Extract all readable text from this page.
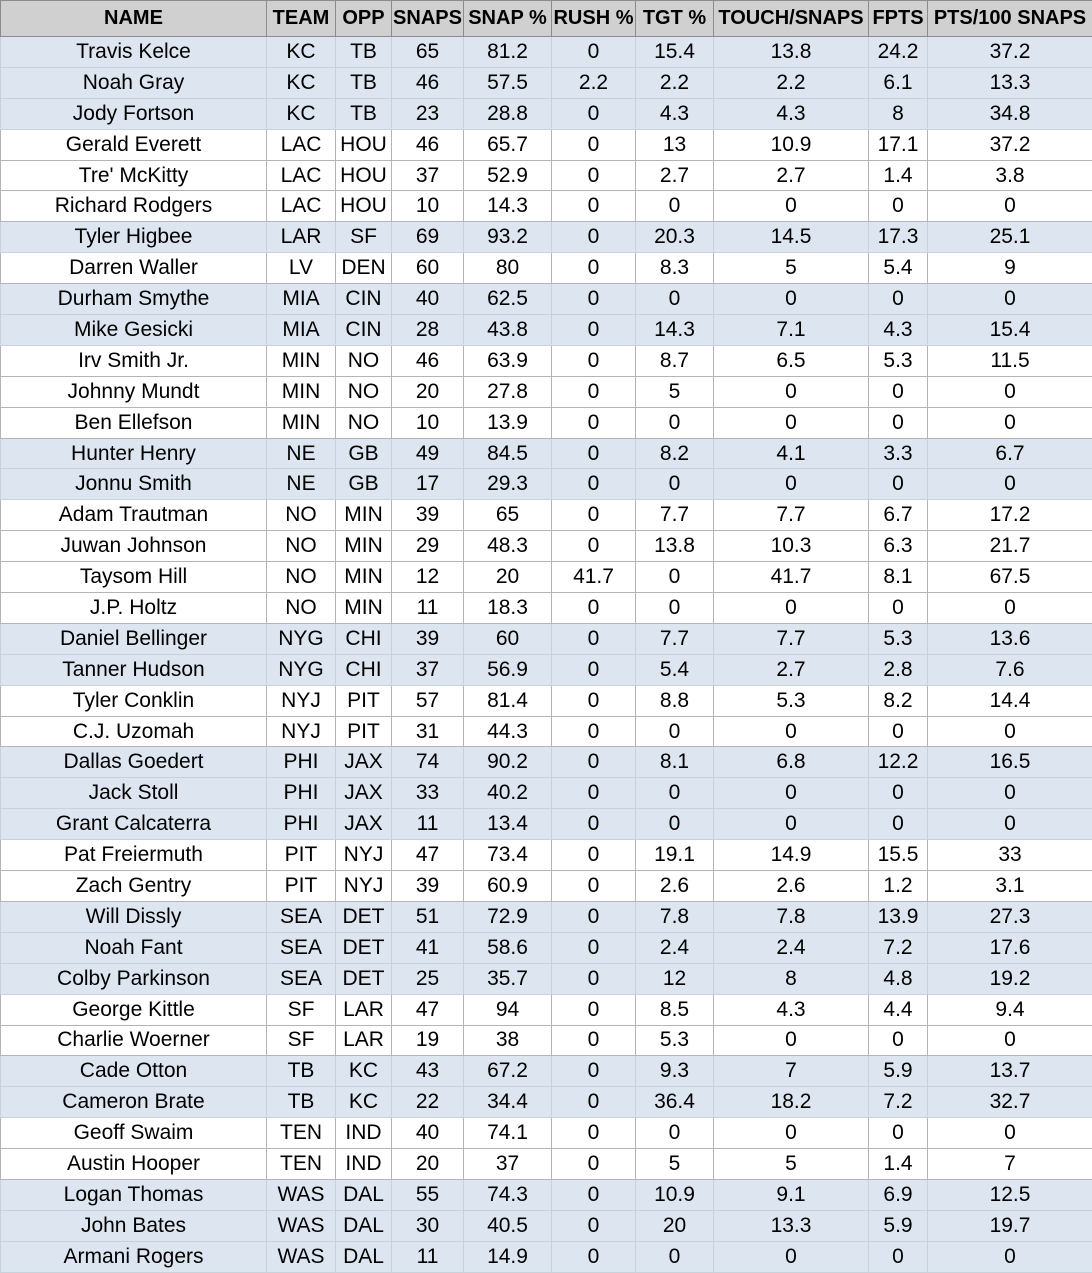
NAME	TEAM	OPP	SNAPS	SNAP %	RUSH %	TGT %	TOUCH/SNAPS	FPTS	PTS/100 SNAPS
Travis Kelce	KC	TB	65	81.2	0	15.4	13.8	24.2	37.2
Noah Gray	KC	TB	46	57.5	2.2	2.2	2.2	6.1	13.3
Jody Fortson	KC	TB	23	28.8	0	4.3	4.3	8	34.8
Gerald Everett	LAC	HOU	46	65.7	0	13	10.9	17.1	37.2
Tre' McKitty	LAC	HOU	37	52.9	0	2.7	2.7	1.4	3.8
Richard Rodgers	LAC	HOU	10	14.3	0	0	0	0	0
Tyler Higbee	LAR	SF	69	93.2	0	20.3	14.5	17.3	25.1
Darren Waller	LV	DEN	60	80	0	8.3	5	5.4	9
Durham Smythe	MIA	CIN	40	62.5	0	0	0	0	0
Mike Gesicki	MIA	CIN	28	43.8	0	14.3	7.1	4.3	15.4
Irv Smith Jr.	MIN	NO	46	63.9	0	8.7	6.5	5.3	11.5
Johnny Mundt	MIN	NO	20	27.8	0	5	0	0	0
Ben Ellefson	MIN	NO	10	13.9	0	0	0	0	0
Hunter Henry	NE	GB	49	84.5	0	8.2	4.1	3.3	6.7
Jonnu Smith	NE	GB	17	29.3	0	0	0	0	0
Adam Trautman	NO	MIN	39	65	0	7.7	7.7	6.7	17.2
Juwan Johnson	NO	MIN	29	48.3	0	13.8	10.3	6.3	21.7
Taysom Hill	NO	MIN	12	20	41.7	0	41.7	8.1	67.5
J.P. Holtz	NO	MIN	11	18.3	0	0	0	0	0
Daniel Bellinger	NYG	CHI	39	60	0	7.7	7.7	5.3	13.6
Tanner Hudson	NYG	CHI	37	56.9	0	5.4	2.7	2.8	7.6
Tyler Conklin	NYJ	PIT	57	81.4	0	8.8	5.3	8.2	14.4
C.J. Uzomah	NYJ	PIT	31	44.3	0	0	0	0	0
Dallas Goedert	PHI	JAX	74	90.2	0	8.1	6.8	12.2	16.5
Jack Stoll	PHI	JAX	33	40.2	0	0	0	0	0
Grant Calcaterra	PHI	JAX	11	13.4	0	0	0	0	0
Pat Freiermuth	PIT	NYJ	47	73.4	0	19.1	14.9	15.5	33
Zach Gentry	PIT	NYJ	39	60.9	0	2.6	2.6	1.2	3.1
Will Dissly	SEA	DET	51	72.9	0	7.8	7.8	13.9	27.3
Noah Fant	SEA	DET	41	58.6	0	2.4	2.4	7.2	17.6
Colby Parkinson	SEA	DET	25	35.7	0	12	8	4.8	19.2
George Kittle	SF	LAR	47	94	0	8.5	4.3	4.4	9.4
Charlie Woerner	SF	LAR	19	38	0	5.3	0	0	0
Cade Otton	TB	KC	43	67.2	0	9.3	7	5.9	13.7
Cameron Brate	TB	KC	22	34.4	0	36.4	18.2	7.2	32.7
Geoff Swaim	TEN	IND	40	74.1	0	0	0	0	0
Austin Hooper	TEN	IND	20	37	0	5	5	1.4	7
Logan Thomas	WAS	DAL	55	74.3	0	10.9	9.1	6.9	12.5
John Bates	WAS	DAL	30	40.5	0	20	13.3	5.9	19.7
Armani Rogers	WAS	DAL	11	14.9	0	0	0	0	0
